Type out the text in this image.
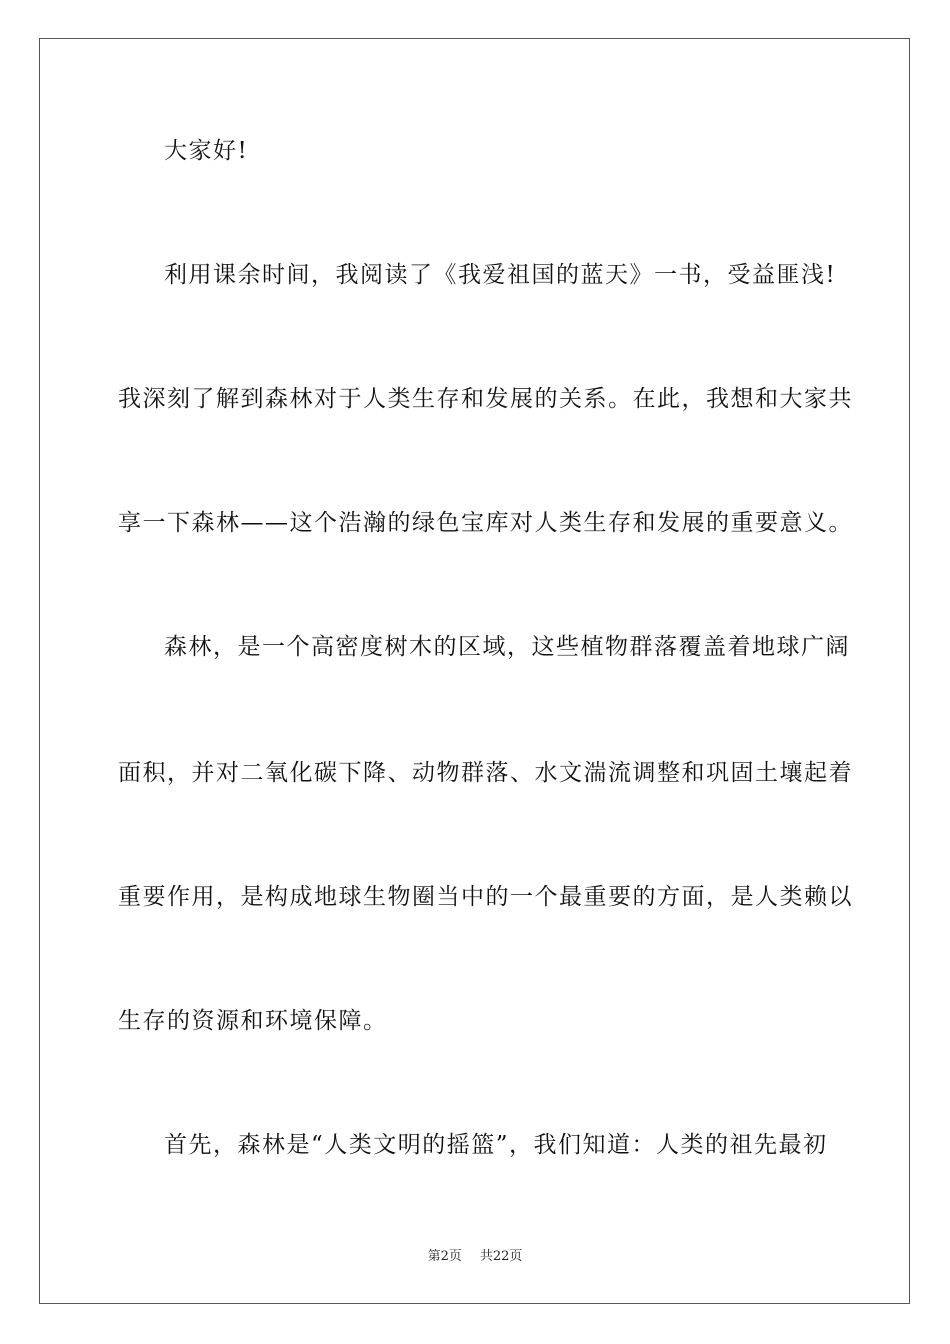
大家好!
利用课余时间，我阅读了《我爱祖国的蓝天》一书，受益匪浅!
我深刻了解到森林对于人类生存和发展的关系。在此，我想和大家共
享一下森林——这个浩瀚的绿色宝库对人类生存和发展的重要意义。
森林，是一个高密度树木的区域，这些植物群落覆盖着地球广阔
面积，并对二氧化碳下降、动物群落、水文湍流调整和巩固土壤起着
重要作用，是构成地球生物圈当中的一个最重要的方面，是人类赖以
生存的资源和环境保障。
首先，森林是“人类文明的摇篮”，我们知道：人类的祖先最初
第2页 共22页
